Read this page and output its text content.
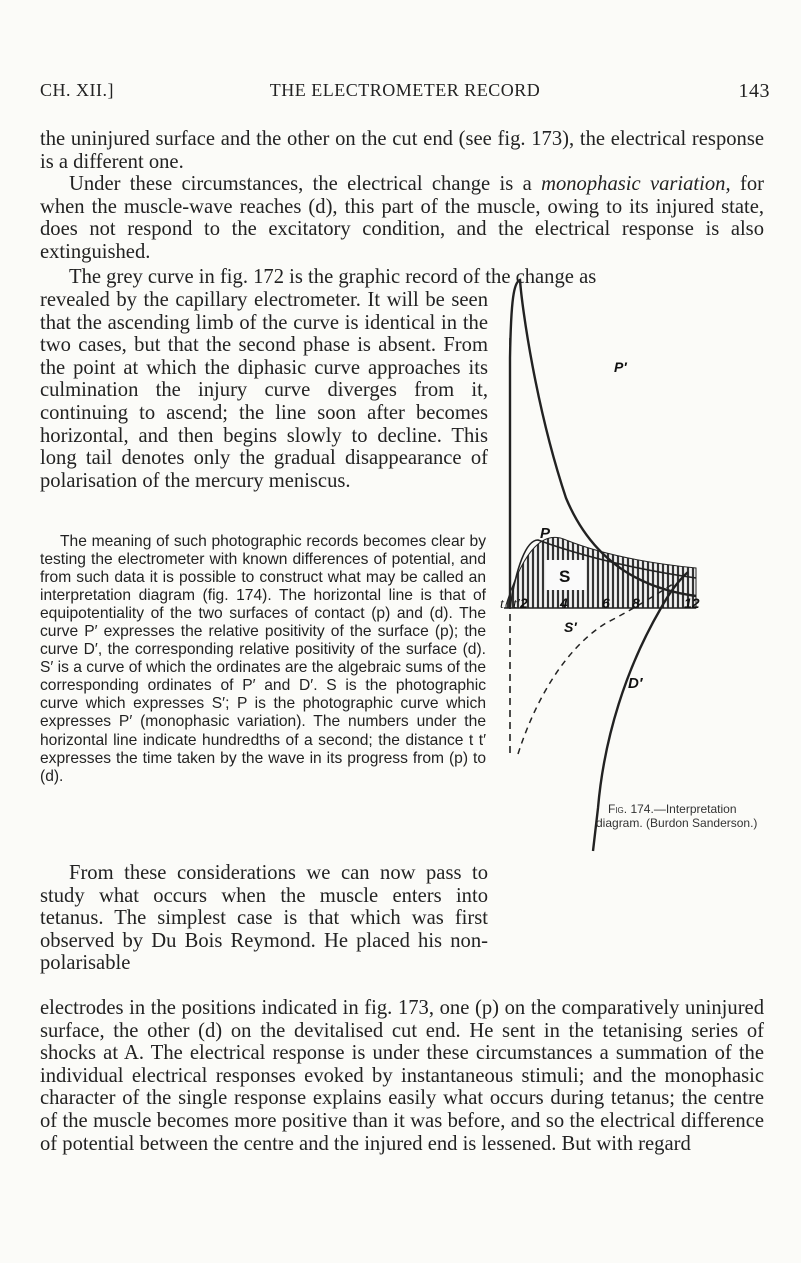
CH. XII.]	THE ELECTROMETER RECORD	143

the uninjured surface and the other on the cut end (see fig. 173), the electrical response is a different one.

Under these circumstances, the electrical change is a monophasic variation, for when the muscle-wave reaches (d), this part of the muscle, owing to its injured state, does not respond to the excitatory condition, and the electrical response is also extinguished.

The grey curve in fig. 172 is the graphic record of the change as

revealed by the capillary electrometer. It will be seen that the ascending limb of the curve is identical in the two cases, but that the second phase is absent. From the point at which the diphasic curve approaches its culmination the injury curve diverges from it, continuing to ascend; the line soon after becomes horizontal, and then begins slowly to decline. This long tail denotes only the gradual disappearance of polarisation of the mercury meniscus.

The meaning of such photographic records becomes clear by testing the electrometer with known differences of potential, and from such data it is possible to construct what may be called an interpretation diagram (fig. 174). The horizontal line is that of equipotentiality of the two surfaces of contact (p) and (d). The curve P′ expresses the relative positivity of the surface (p); the curve D′, the corresponding relative positivity of the surface (d). S′ is a curve of which the ordinates are the algebraic sums of the corresponding ordinates of P′ and D′. S is the photographic curve which expresses S′; P is the photographic curve which expresses P′ (monophasic variation). The numbers under the horizontal line indicate hundredths of a second; the distance t t′ expresses the time taken by the wave in its progress from (p) to (d).

From these considerations we can now pass to study what occurs when the muscle enters into tetanus. The simplest case is that which was first observed by Du Bois Reymond. He placed his non-polarisable

electrodes in the positions indicated in fig. 173, one (p) on the comparatively uninjured surface, the other (d) on the devitalised cut end. He sent in the tetanising series of shocks at A. The electrical response is under these circumstances a summation of the individual electrical responses evoked by instantaneous stimuli; and the monophasic character of the single response explains easily what occurs during tetanus; the centre of the muscle becomes more positive than it was before, and so the electrical difference of potential between the centre and the injured end is lessened. But with regard

P′
P
S
t t′ 2 4 6 8	12
S′
D′

Fig. 174.—Interpretation diagram. (Burdon Sanderson.)
